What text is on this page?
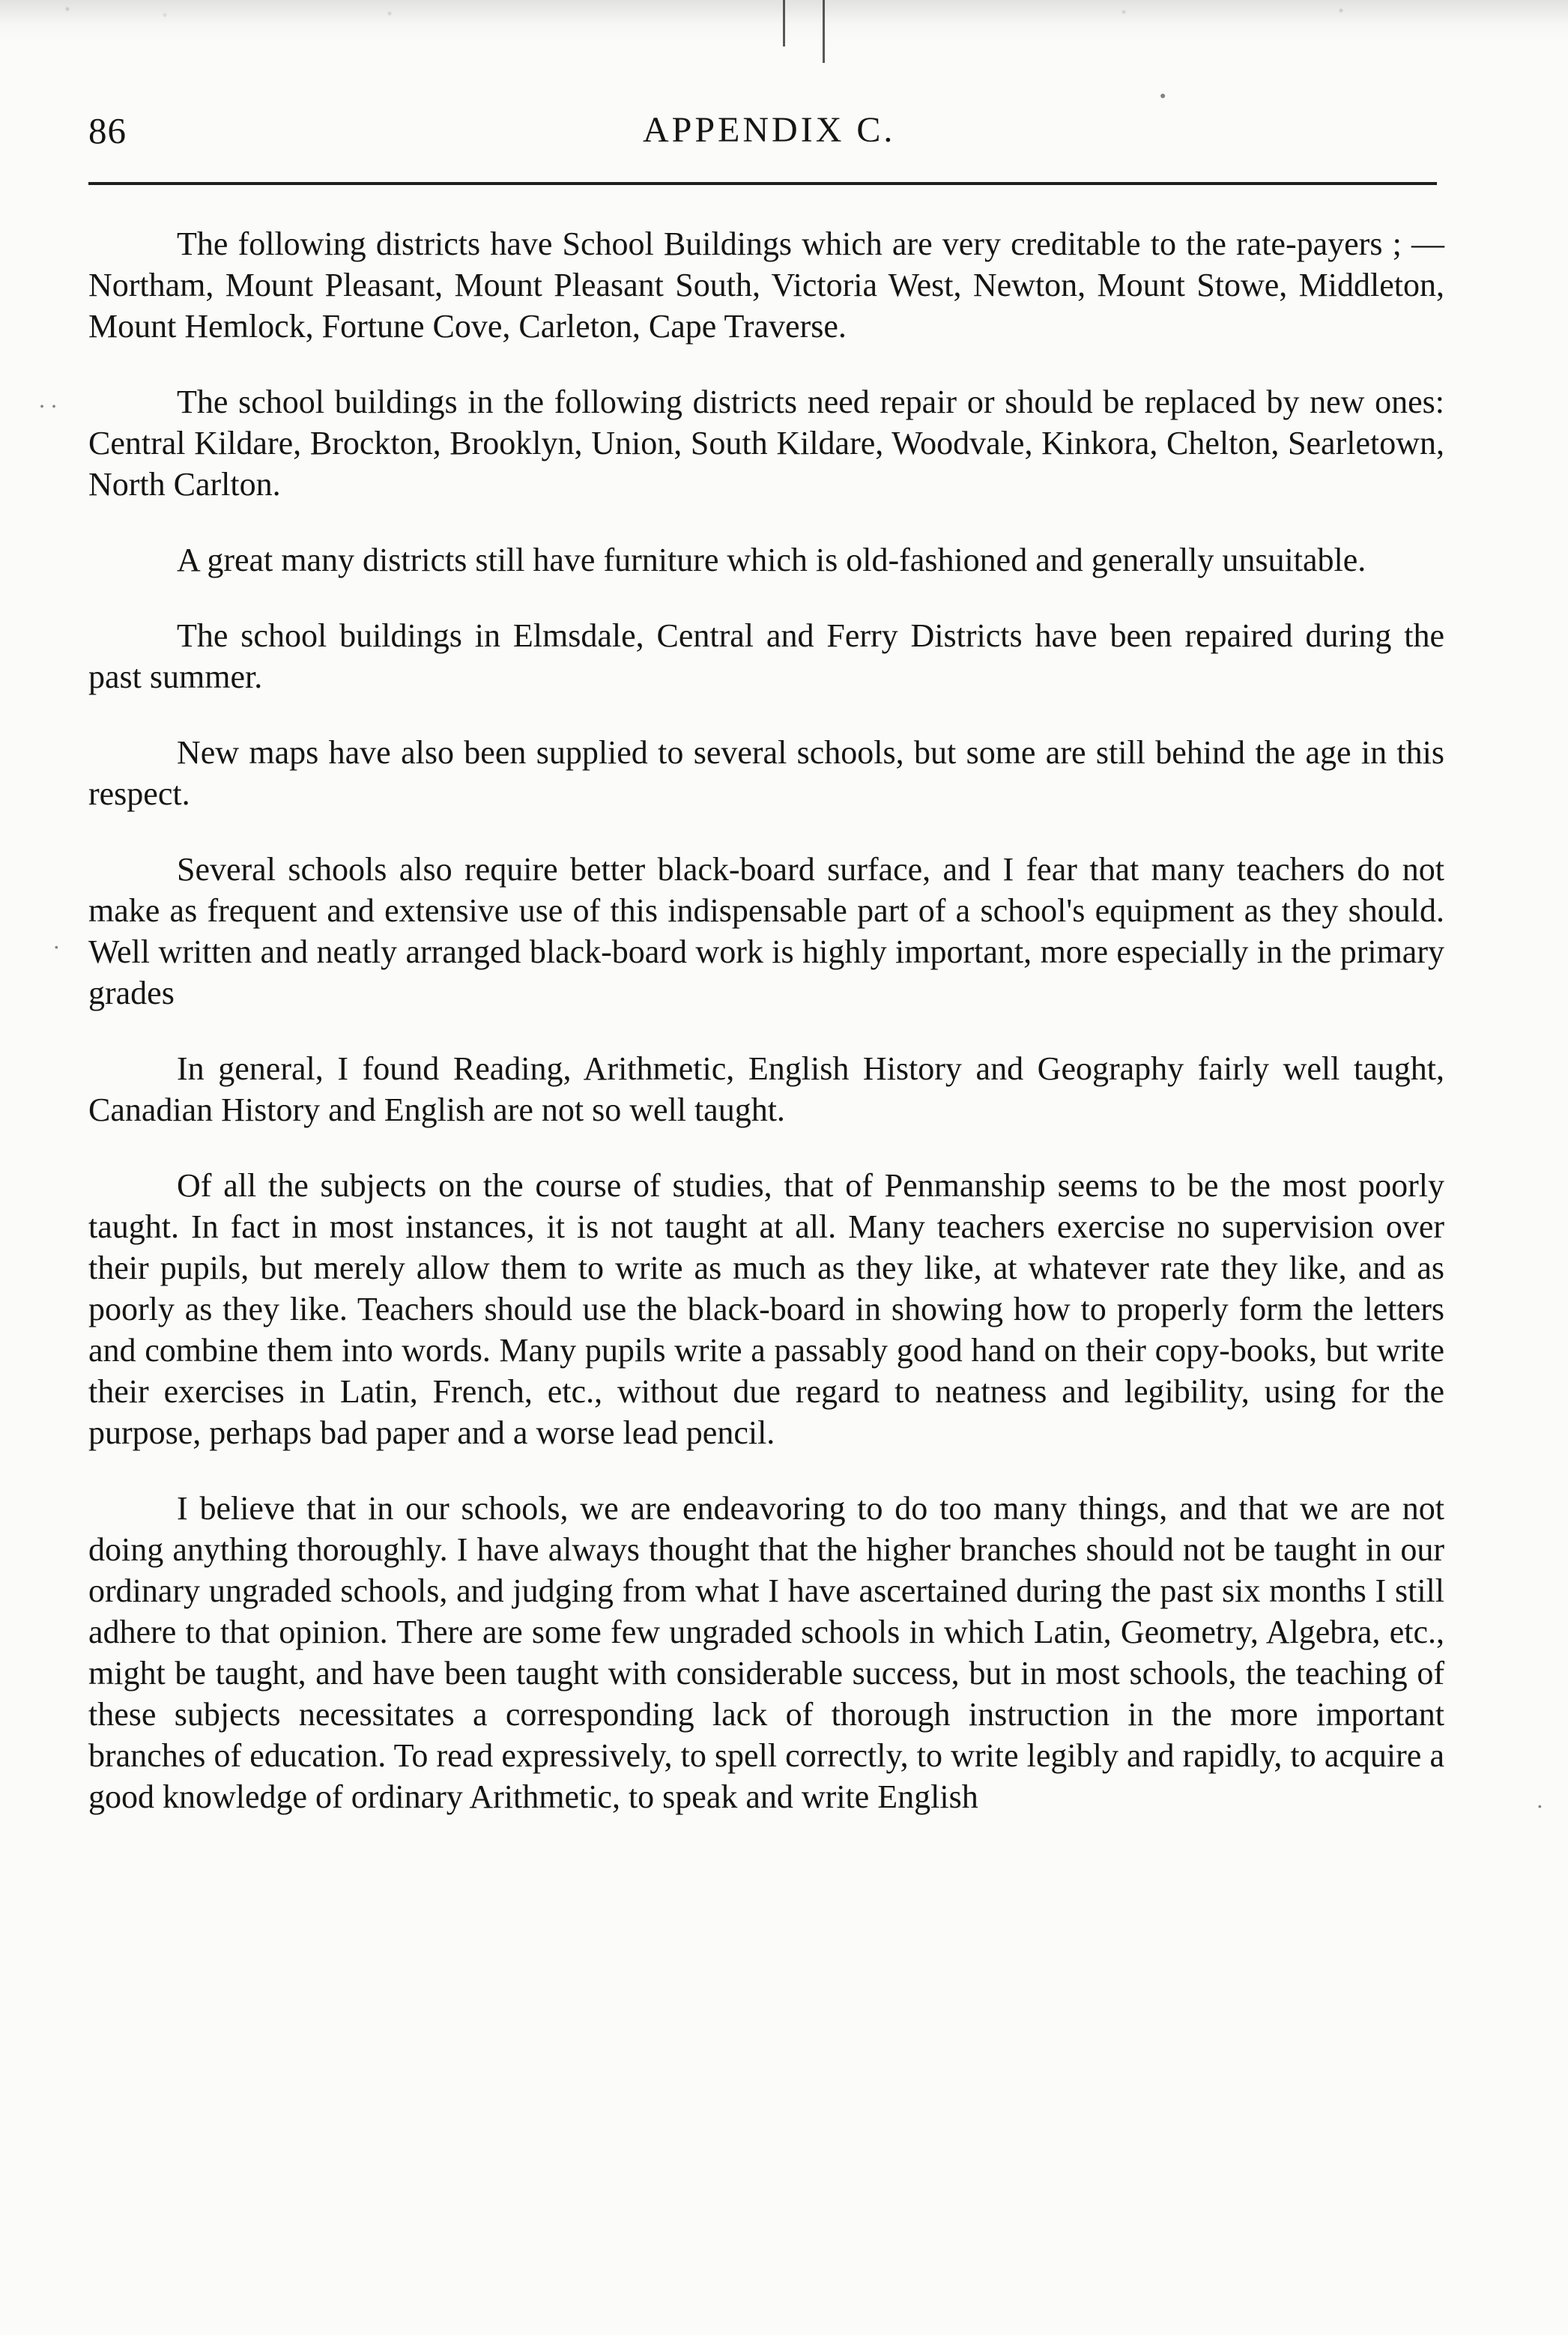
●
. .
·
·
86	APPENDIX C.

The following districts have School Buildings which are very creditable to the rate-payers ; — Northam, Mount Pleasant, Mount Pleasant South, Victoria West, Newton, Mount Stowe, Middleton, Mount Hemlock, Fortune Cove, Carleton, Cape Traverse.

The school buildings in the following districts need repair or should be replaced by new ones: Central Kildare, Brockton, Brooklyn, Union, South Kildare, Woodvale, Kinkora, Chelton, Searletown, North Carlton.

A great many districts still have furniture which is old-fashioned and generally unsuitable.

The school buildings in Elmsdale, Central and Ferry Districts have been repaired during the past summer.

New maps have also been supplied to several schools, but some are still behind the age in this respect.

Several schools also require better black-board surface, and I fear that many teachers do not make as frequent and extensive use of this indispensable part of a school's equipment as they should. Well written and neatly arranged black-board work is highly important, more especially in the primary grades

In general, I found Reading, Arithmetic, English History and Geography fairly well taught, Canadian History and English are not so well taught.

Of all the subjects on the course of studies, that of Penmanship seems to be the most poorly taught. In fact in most instances, it is not taught at all. Many teachers exercise no supervision over their pupils, but merely allow them to write as much as they like, at whatever rate they like, and as poorly as they like. Teachers should use the black-board in showing how to properly form the letters and combine them into words. Many pupils write a passably good hand on their copy-books, but write their exercises in Latin, French, etc., without due regard to neatness and legibility, using for the purpose, perhaps bad paper and a worse lead pencil.

I believe that in our schools, we are endeavoring to do too many things, and that we are not doing anything thoroughly. I have always thought that the higher branches should not be taught in our ordinary ungraded schools, and judging from what I have ascertained during the past six months I still adhere to that opinion. There are some few ungraded schools in which Latin, Geometry, Algebra, etc., might be taught, and have been taught with considerable success, but in most schools, the teaching of these subjects necessitates a corresponding lack of thorough instruction in the more important branches of education. To read expressively, to spell correctly, to write legibly and rapidly, to acquire a good knowledge of ordinary Arithmetic, to speak and write English
